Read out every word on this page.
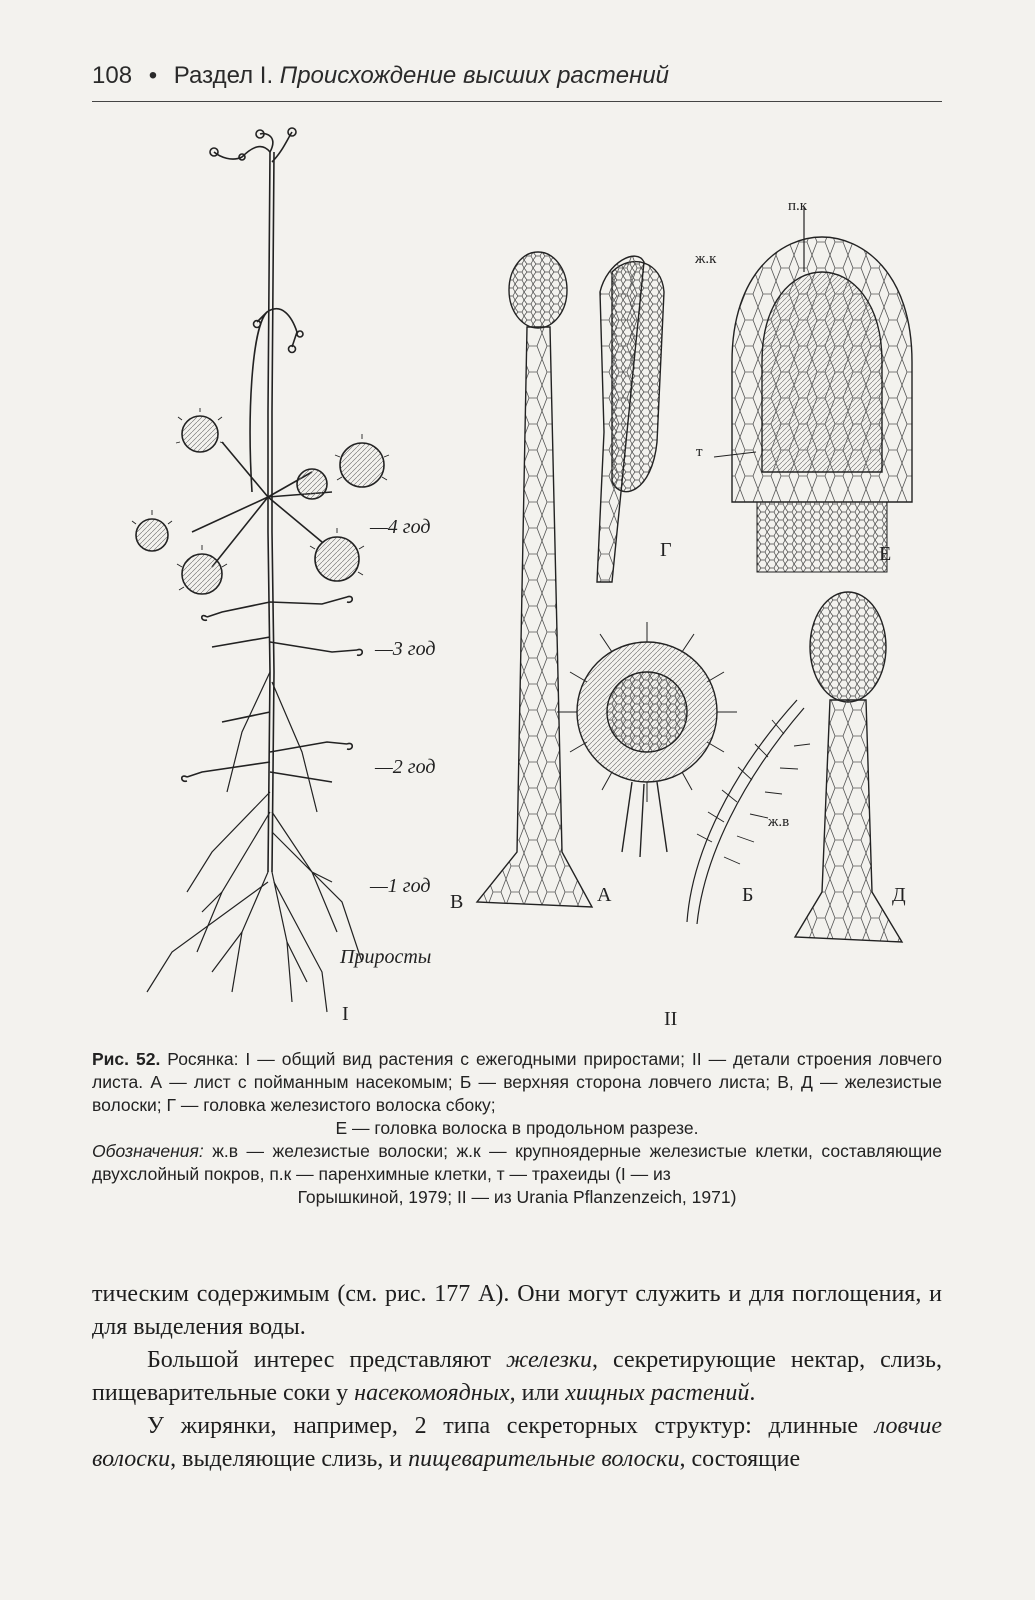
108 • Раздел I. Происхождение высших растений
—4 год
—3 год
—2 год
—1 год
Приросты
I
В
Г
ж.к
п.к
т
Е
А	Б
ж.в
Д
II

Рис. 52. Росянка: I — общий вид растения с ежегодными приростами; II — детали строения ловчего листа. А — лист с пойманным насекомым; Б — верхняя сторона ловчего листа; В, Д — железистые волоски; Г — головка железистого волоска сбоку;

Е — головка волоска в продольном разрезе.

Обозначения: ж.в — железистые волоски; ж.к — крупноядерные железистые клетки, составляющие двухслойный покров, п.к — паренхимные клетки, т — трахеиды (I — из

Горышкиной, 1979; II — из Urania Pflanzenzeich, 1971)

тическим содержимым (см. рис. 177 А). Они могут служить и для поглощения, и для выделения воды.

Большой интерес представляют железки, секретирующие нектар, слизь, пищеварительные соки у насекомоядных, или хищных растений.

У жирянки, например, 2 типа секреторных структур: длинные ловчие волоски, выделяющие слизь, и пищеварительные волоски, состоящие
